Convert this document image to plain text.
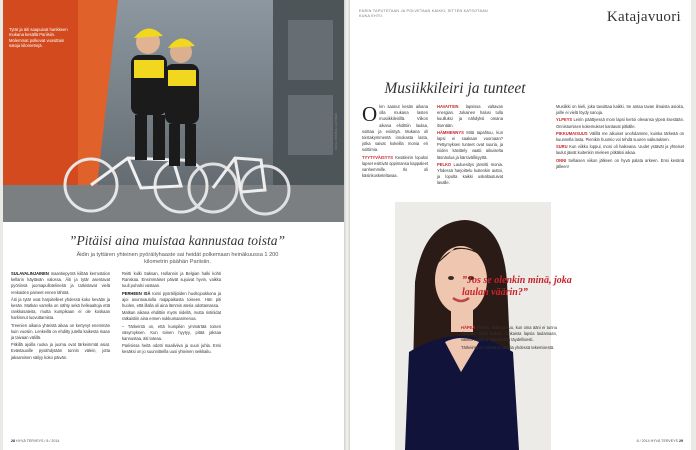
Tytär ja äiti saapuivat hankkeen mukana kesällä Pariisiin. Molemmat polkevat vuosittain satoja kilometrejä.
KUVA: ANNIINA LAHTINEN
”Pitäisi aina muistaa kannustaa toista”
Äidin ja tyttären yhteinen pyöräilyhaaste sai heidät polkemaan heinäkuussa 1 200 kilometrin päähän Pariisiin.

SULAVALINJAINEN maantiepyörä kiiltää kerrostalon kellarin käytävän valossa. Äiti ja tytär asentavat pyöriinsä juomapullotelineitä ja tarkistavat vielä renkaiden paineet ennen lähtöä.

Äiti ja tytär ovat harjoitelleet yhdessä koko kevään ja kesän. Matkan varrella on nähty sekä helleaaltoja että rankkasateita, mutta kumpikaan ei ole koskaan harkinnut luovuttamista.

Treenien aikana yhteistä aikaa on kertynyt enemmän kuin vuosiin. Lenkeillä on ehditty jutella kaikesta maan ja taivaan välillä.

Pitkillä ajoilla ruoka ja juoma ovat tärkeimmät asiat. Evästauoille pysähdytään tunnin välein, jotta jaksaminen säilyy koko päivän.

Reitti kulki Saksan, Hollannin ja Belgian halki kohti Ranskaa. Ensimmäiset päivät sujuivat hyvin, vaikka tuuli puhalsi vastaan.

PERHEEN ISÄ toimi pyöräilijöiden huoltojoukkona ja ajoi asuntoautolla majapaikasta toiseen. Hän piti huolen, että illalla oli aina lämmin ateria odottamassa.

Matkan aikana ehdittiin myös riidellä, mutta ristiriidat ratkaistiin aina ennen nukkumaanmenoa.

– Tärkeintä on, että kumpikin ymmärtää toisen väsymyksen. Kun toinen hyytyy, pitää jaksaa kannustaa, äiti toteaa.

Pariisissa heitä odotti maaliviiva ja suuri juhla. Ensi kesäksi on jo suunnitteilla uusi yhteinen seikkailu.

28 HYVÄ TERVEYS / 8 / 2014
ENSIN TAPUTETAAN JA POLVETAAN KAIKKI, SITTEN KATSOTAAN KUKA EHTII.	Katajavuori
Musiikkileiri ja tunteet

Olen saanut kesän aikana olla mukana lasten musiikkileirillä. Viikon aikana ehdittiin laulaa, soittaa ja esiintyä. Mukana oli toistakymmentä innokasta lasta, jotka saivat kokeilla monia eri soittimia.

TYYTYVÄISYYS Kesäleirin lopuksi lapset esittivät oppimansa kappaleet vanhemmille. Ilo oli käsinkosketeltavaa.

HAVAITSIN lapsissa valtavan energian. Jokainen halusi tulla kuulluksi ja nähdyksi omana itsenään.

HÄMMENNYS Mitä tapahtuu, kun lapsi ei saakaan vuoroaan? Pettymyksen tunteet ovat suuria, ja niiden käsittely vaatii aikuiselta läsnäoloa ja kärsivällisyyttä.

PELKO Lauluesitys jännitti monia. Yhdessä harjoittelu kuitenkin auttoi, ja lopulta kaikki uskaltautuivat lavalle.

Musiikki on kieli, joka tavoittaa kaikki. Se antaa tavan ilmaista asioita, joille ei vielä löydy sanoja.

YLPEYS Leirin päättyessä moni lapsi kertoi olevansa ylpeä itsestään. Onnistumisen kokemukset kantavat pitkälle.

PIKKUMAISUUS Välillä me aikuiset unohdamme, kuinka tärkeää on kuunnella lasta. Pienikin huomio voi tehdä suuren vaikutuksen.

SURU Kun viikko loppui, moni oli haikeana. Uudet ystävät ja yhteiset laulut jäivät kuitenkin mieleen pitkäksi aikaa.

ONNI Sellaisen viikon jälkeen on hyvä palata arkeen. Ensi kesänä jälleen!

”Jos se olenkin minä, joka laulan väärin?”

HÄPEÄ Tiedän, miltä tuntuu, kun oma ääni ei tunnu riittävän. Siksi haluan rohkaista lapsia laulamaan, vaikka kaikki ei menisikään täydellisesti.

Tärkeintä on yrittää ja nauttia yhdessä tekemisestä.

8 / 2014 HYVÄ TERVEYS 29
